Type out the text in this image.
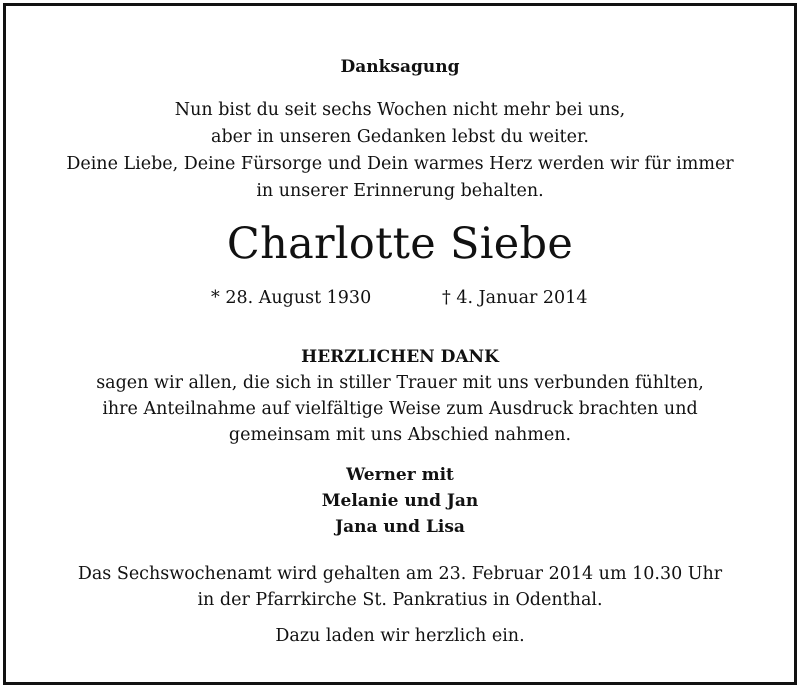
Danksagung
Nun bist du seit sechs Wochen nicht mehr bei uns,
aber in unseren Gedanken lebst du weiter.
Deine Liebe, Deine Fürsorge und Dein warmes Herz werden wir für immer
in unserer Erinnerung behalten.
Charlotte Siebe
* 28. August 1930	† 4. Januar 2014
HERZLICHEN DANK
sagen wir allen, die sich in stiller Trauer mit uns verbunden fühlten,
ihre Anteilnahme auf vielfältige Weise zum Ausdruck brachten und
gemeinsam mit uns Abschied nahmen.
Werner mit
Melanie und Jan
Jana und Lisa
Das Sechswochenamt wird gehalten am 23. Februar 2014 um 10.30 Uhr
in der Pfarrkirche St. Pankratius in Odenthal.
Dazu laden wir herzlich ein.
